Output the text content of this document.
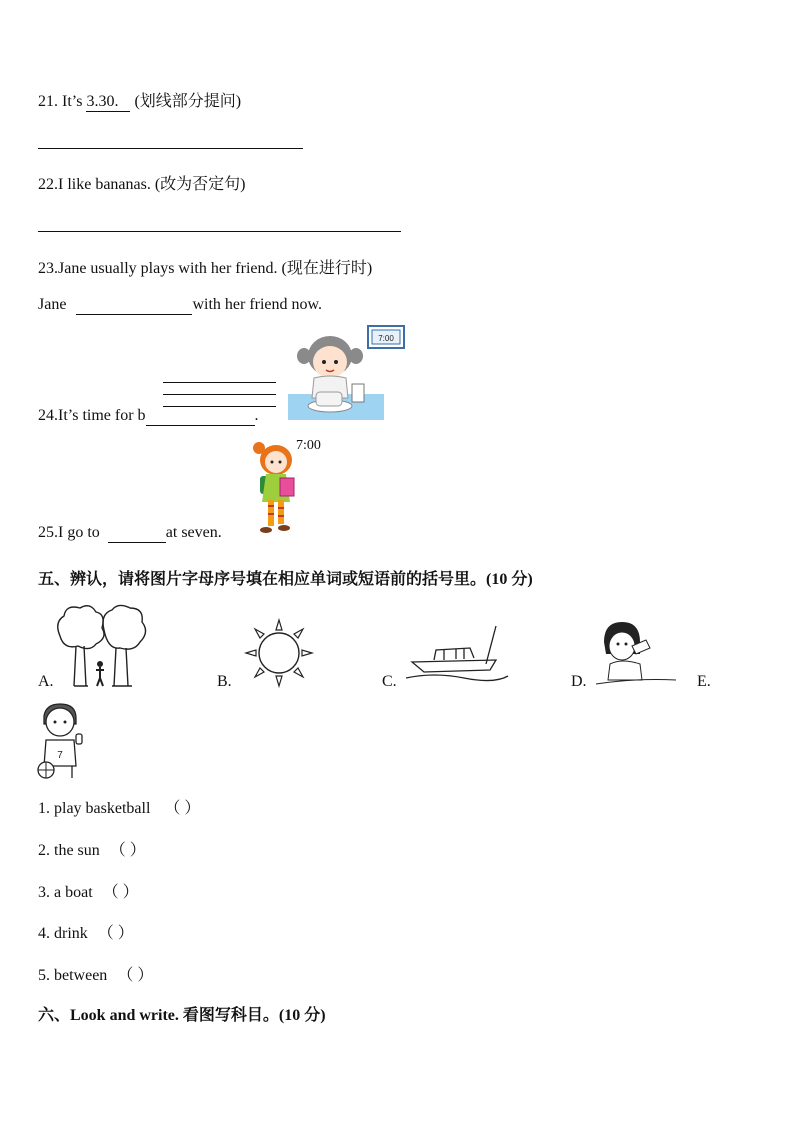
21. It’s 3.30. (划线部分提问)
22.I like bananas. (改为否定句)
23.Jane usually plays with her friend. (现在进行时)
Jane	with her friend now.
7:00
24.It’s time for b	.
7:00
25.I go to	at seven.
五、辨认，请将图片字母序号填在相应单词或短语前的括号里。(10 分)
A.	B.	C.	D.	E.
7
1. play basketball （ ）
2. the sun （ ）
3. a boat （ ）
4. drink （ ）
5. between （ ）
六、Look and write. 看图写科目。(10 分)
